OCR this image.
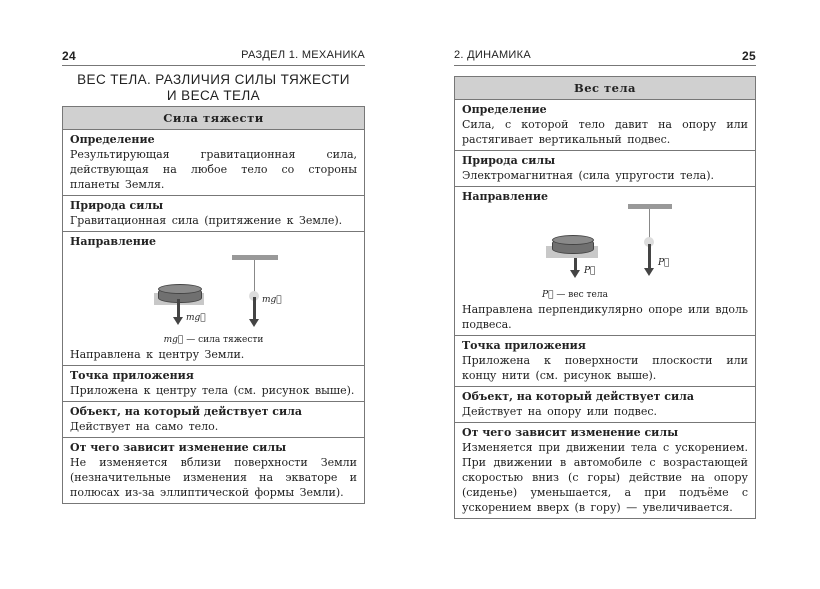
24	РАЗДЕЛ 1. МЕХАНИКА
ВЕС ТЕЛА. РАЗЛИЧИЯ СИЛЫ ТЯЖЕСТИ
И ВЕСА ТЕЛА
Сила тяжести
Определение
Результирующая гравитационная сила, действующая на любое тело со стороны планеты Земля.
Природа силы
Гравитационная сила (притяжение к Земле).
Направление
mg⃗
mg⃗
mg⃗ — сила тяжести
Направлена к центру Земли.
Точка приложения
Приложена к центру тела (см. рисунок выше).
Объект, на который действует сила
Действует на само тело.
От чего зависит изменение силы
Не изменяется вблизи поверхности Земли (незначительные изменения на экваторе и полюсах из-за эллиптической формы Земли).
2. ДИНАМИКА	25
Вес тела
Определение
Сила, с которой тело давит на опору или растягивает вертикальный подвес.
Природа силы
Электромагнитная (сила упругости тела).
Направление
P⃗
P⃗
P⃗ — вес тела
Направлена перпендикулярно опоре или вдоль подвеса.
Точка приложения
Приложена к поверхности плоскости или концу нити (см. рисунок выше).
Объект, на который действует сила
Действует на опору или подвес.
От чего зависит изменение силы
Изменяется при движении тела с ускорением. При движении в автомобиле с возрастающей скоростью вниз (с горы) действие на опору (сиденье) уменьшается, а при подъёме с ускорением вверх (в гору) — увеличивается.
